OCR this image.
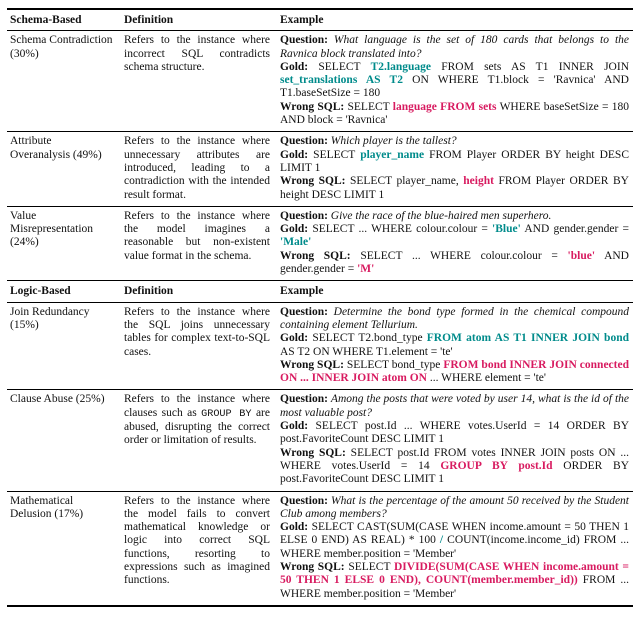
Schema-Based	Definition	Example
Schema Contradiction (30%)	Refers to the instance where incorrect SQL contradicts schema structure.	Question: What language is the set of 180 cards that belongs to the Ravnica block translated into?
Gold: SELECT T2.language FROM sets AS T1 INNER JOIN set_translations AS T2 ON WHERE T1.block = 'Ravnica' AND T1.baseSetSize = 180
Wrong SQL: SELECT language FROM sets WHERE baseSetSize = 180 AND block = 'Ravnica'

Attribute Overanalysis (49%)	Refers to the instance where unnecessary attributes are introduced, leading to a contradiction with the intended result format.	Question: Which player is the tallest?
Gold: SELECT player_name FROM Player ORDER BY height DESC LIMIT 1
Wrong SQL: SELECT player_name, height FROM Player ORDER BY height DESC LIMIT 1

Value Misrepresentation (24%)	Refers to the instance where the model imagines a reasonable but non-existent value format in the schema.	Question: Give the race of the blue-haired men superhero.
Gold: SELECT ... WHERE colour.colour = 'Blue' AND gender.gender = 'Male'
Wrong SQL: SELECT ... WHERE colour.colour = 'blue' AND gender.gender = 'M'

Logic-Based	Definition	Example
Join Redundancy (15%)	Refers to the instance where the SQL joins unnecessary tables for complex text-to-SQL cases.	Question: Determine the bond type formed in the chemical compound containing element Tellurium.
Gold: SELECT T2.bond_type FROM atom AS T1 INNER JOIN bond AS T2 ON WHERE T1.element = 'te'
Wrong SQL: SELECT bond_type FROM bond INNER JOIN connected ON ... INNER JOIN atom ON ... WHERE element = 'te'

Clause Abuse (25%)	Refers to the instance where clauses such as GROUP BY are abused, disrupting the correct order or limitation of results.	Question: Among the posts that were voted by user 14, what is the id of the most valuable post?
Gold: SELECT post.Id ... WHERE votes.UserId = 14 ORDER BY post.FavoriteCount DESC LIMIT 1
Wrong SQL: SELECT post.Id FROM votes INNER JOIN posts ON ... WHERE votes.UserId = 14 GROUP BY post.Id ORDER BY post.FavoriteCount DESC LIMIT 1

Mathematical Delusion (17%)	Refers to the instance where the model fails to convert mathematical knowledge or logic into correct SQL functions, resorting to expressions such as imagined functions.	Question: What is the percentage of the amount 50 received by the Student Club among members?
Gold: SELECT CAST(SUM(CASE WHEN income.amount = 50 THEN 1 ELSE 0 END) AS REAL) * 100 / COUNT(income.income_id) FROM ... WHERE member.position = 'Member'
Wrong SQL: SELECT DIVIDE(SUM(CASE WHEN income.amount = 50 THEN 1 ELSE 0 END), COUNT(member.member_id)) FROM ... WHERE member.position = 'Member'
